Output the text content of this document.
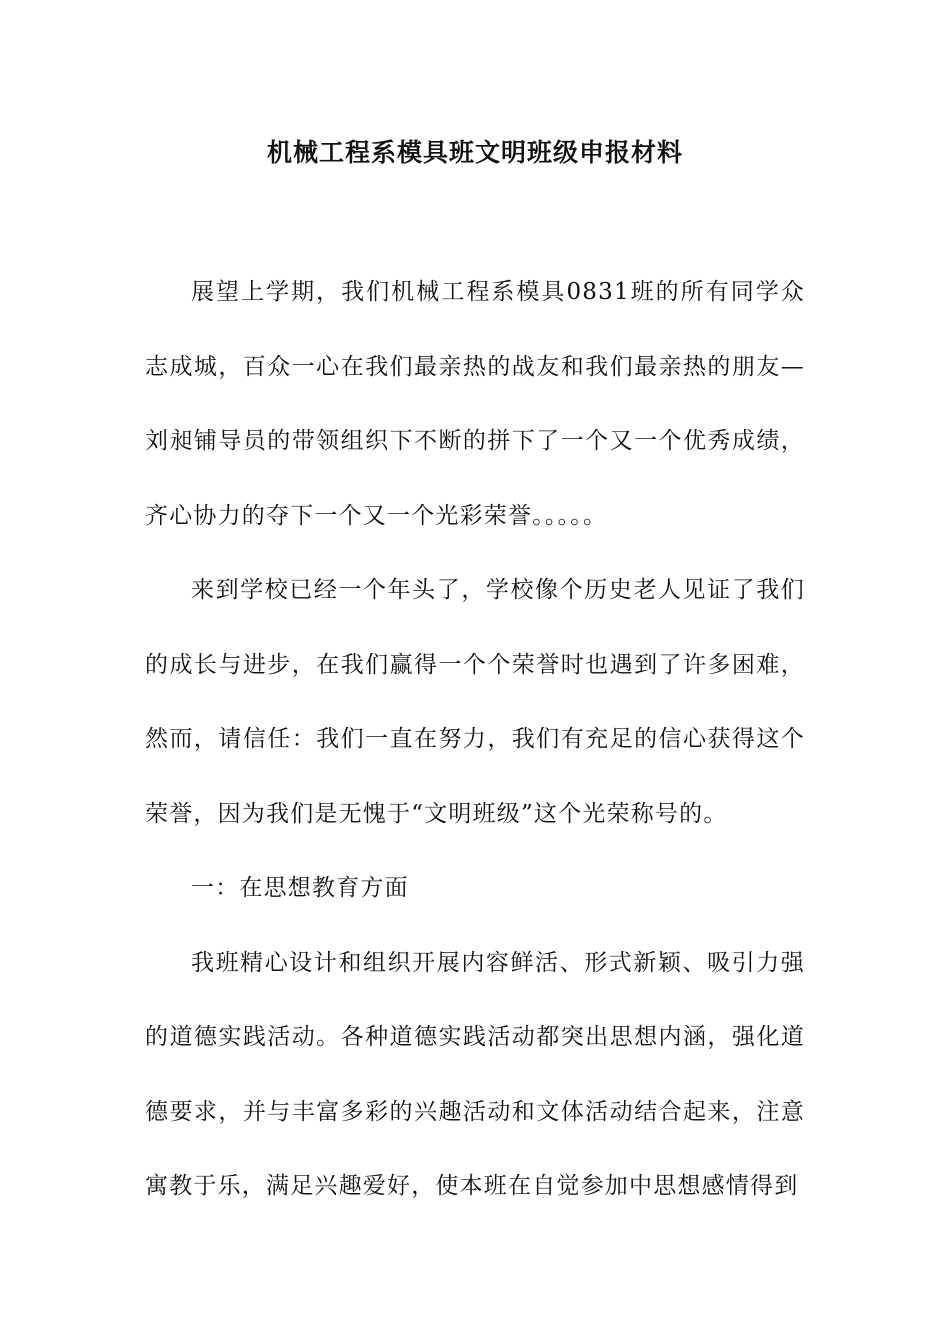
机械工程系模具班文明班级申报材料

展望上学期，我们机械工程系模具0831班的所有同学众志成城，百众一心在我们最亲热的战友和我们最亲热的朋友—刘昶铺导员的带领组织下不断的拼下了一个又一个优秀成绩，齐心协力的夺下一个又一个光彩荣誉。。。。。

来到学校已经一个年头了，学校像个历史老人见证了我们的成长与进步，在我们赢得一个个荣誉时也遇到了许多困难，然而，请信任：我们一直在努力，我们有充足的信心获得这个荣誉，因为我们是无愧于“文明班级”这个光荣称号的。

一：在思想教育方面

我班精心设计和组织开展内容鲜活、形式新颖、吸引力强的道德实践活动。各种道德实践活动都突出思想内涵，强化道德要求，并与丰富多彩的兴趣活动和文体活动结合起来，注意寓教于乐，满足兴趣爱好，使本班在自觉参加中思想感情得到
